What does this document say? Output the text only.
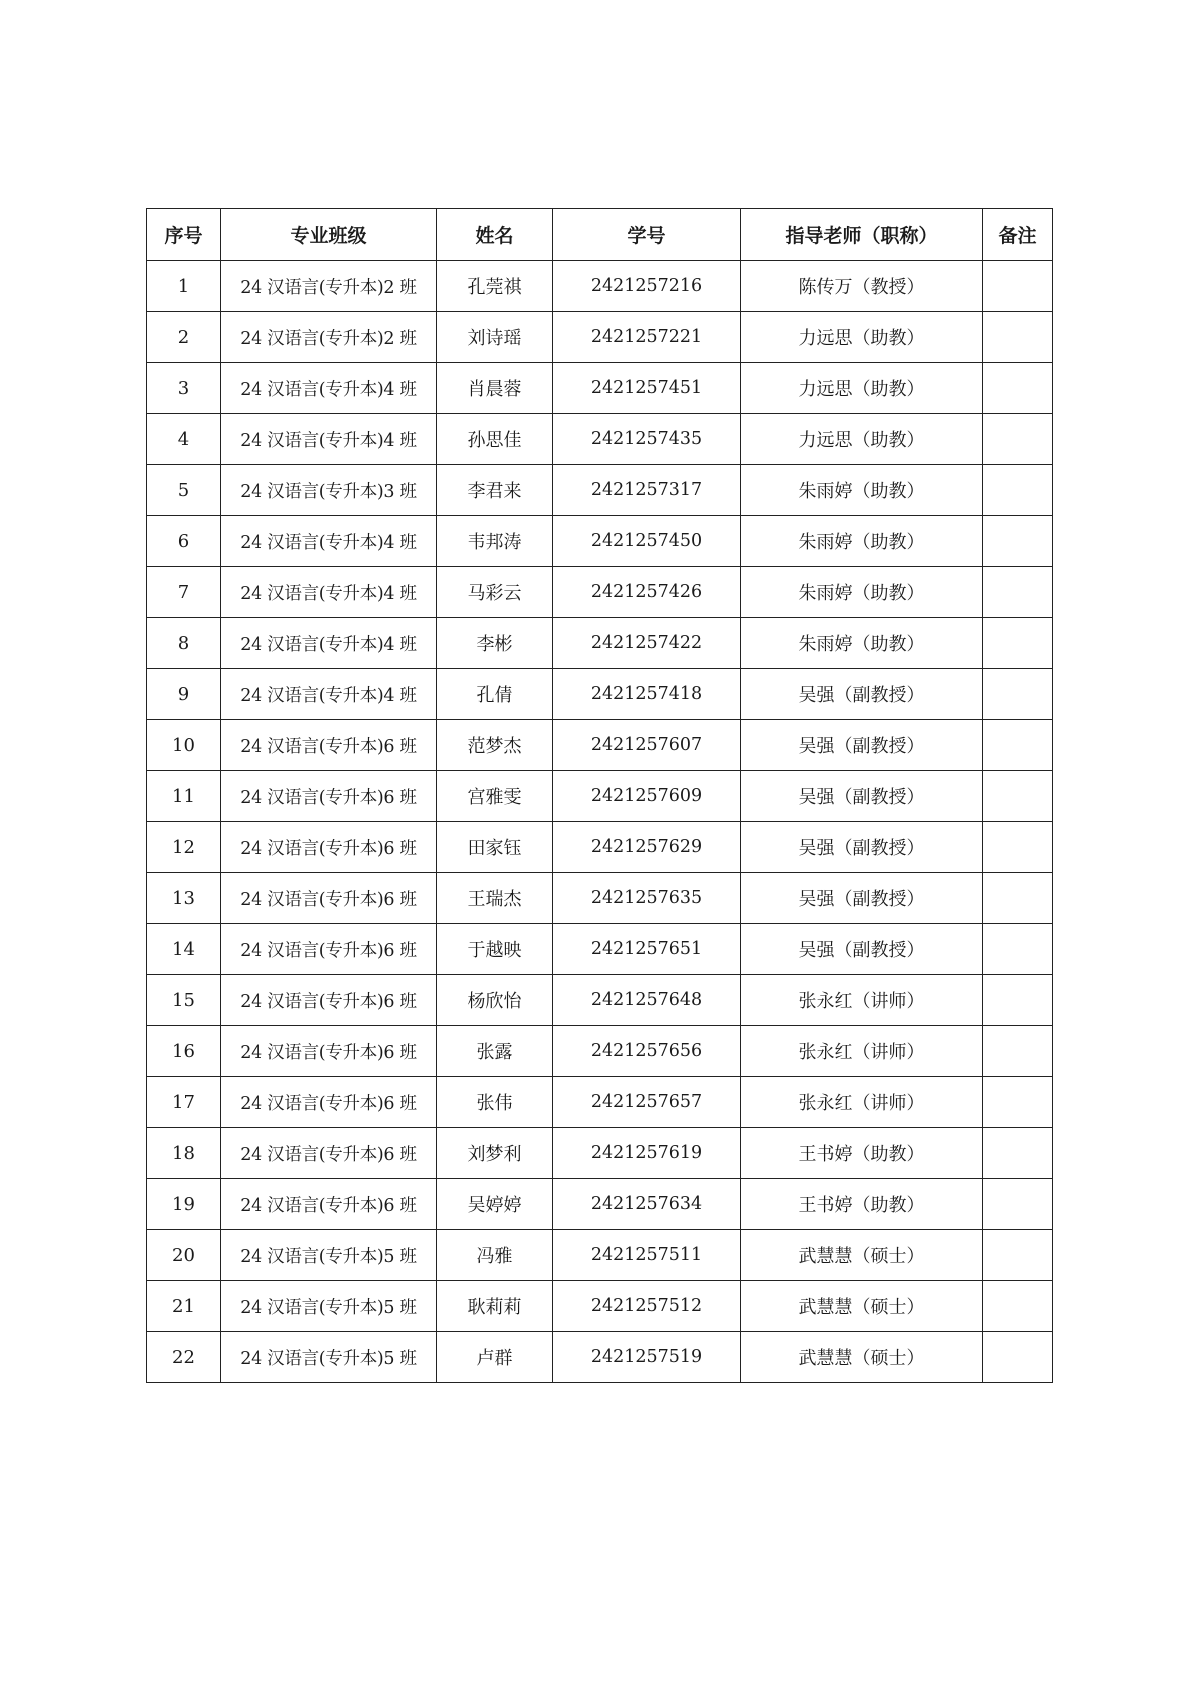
序号	专业班级	姓名	学号	指导老师（职称）	备注
1	24 汉语言(专升本)2 班	孔莞祺	2421257216	陈传万（教授）	
2	24 汉语言(专升本)2 班	刘诗瑶	2421257221	力远思（助教）	
3	24 汉语言(专升本)4 班	肖晨蓉	2421257451	力远思（助教）	
4	24 汉语言(专升本)4 班	孙思佳	2421257435	力远思（助教）	
5	24 汉语言(专升本)3 班	李君来	2421257317	朱雨婷（助教）	
6	24 汉语言(专升本)4 班	韦邦涛	2421257450	朱雨婷（助教）	
7	24 汉语言(专升本)4 班	马彩云	2421257426	朱雨婷（助教）	
8	24 汉语言(专升本)4 班	李彬	2421257422	朱雨婷（助教）	
9	24 汉语言(专升本)4 班	孔倩	2421257418	吴强（副教授）	
10	24 汉语言(专升本)6 班	范梦杰	2421257607	吴强（副教授）	
11	24 汉语言(专升本)6 班	宫雅雯	2421257609	吴强（副教授）	
12	24 汉语言(专升本)6 班	田家钰	2421257629	吴强（副教授）	
13	24 汉语言(专升本)6 班	王瑞杰	2421257635	吴强（副教授）	
14	24 汉语言(专升本)6 班	于越映	2421257651	吴强（副教授）	
15	24 汉语言(专升本)6 班	杨欣怡	2421257648	张永红（讲师）	
16	24 汉语言(专升本)6 班	张露	2421257656	张永红（讲师）	
17	24 汉语言(专升本)6 班	张伟	2421257657	张永红（讲师）	
18	24 汉语言(专升本)6 班	刘梦利	2421257619	王书婷（助教）	
19	24 汉语言(专升本)6 班	吴婷婷	2421257634	王书婷（助教）	
20	24 汉语言(专升本)5 班	冯雅	2421257511	武慧慧（硕士）	
21	24 汉语言(专升本)5 班	耿莉莉	2421257512	武慧慧（硕士）	
22	24 汉语言(专升本)5 班	卢群	2421257519	武慧慧（硕士）	
